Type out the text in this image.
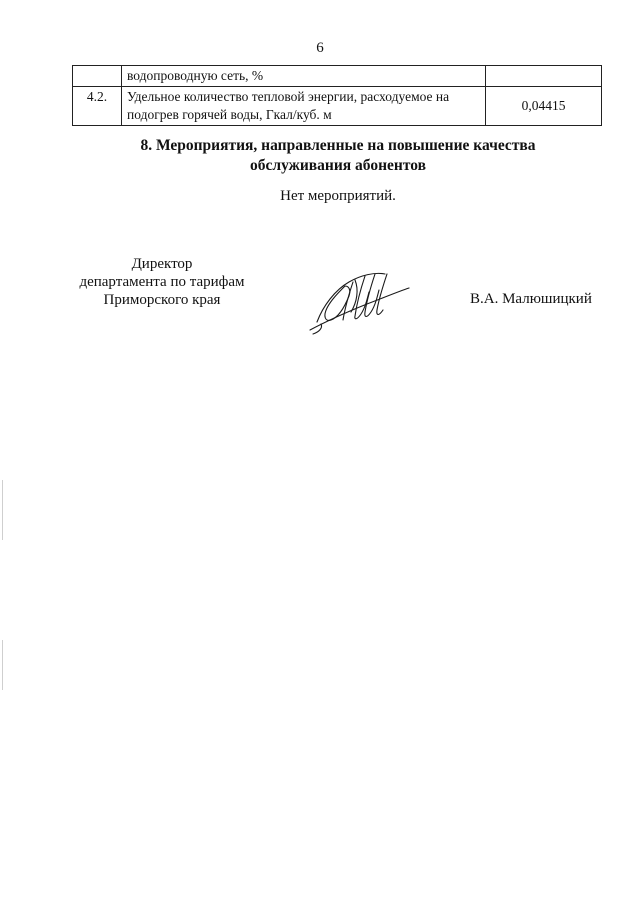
6
	водопроводную сеть, %	
4.2.	Удельное количество тепловой энергии, расходуемое на
подогрев горячей воды, Гкал/куб. м	0,04415
8. Мероприятия, направленные на повышение качества
обслуживания абонентов
Нет мероприятий.
Директор
департамента по тарифам
Приморского края	В.А. Малюшицкий
